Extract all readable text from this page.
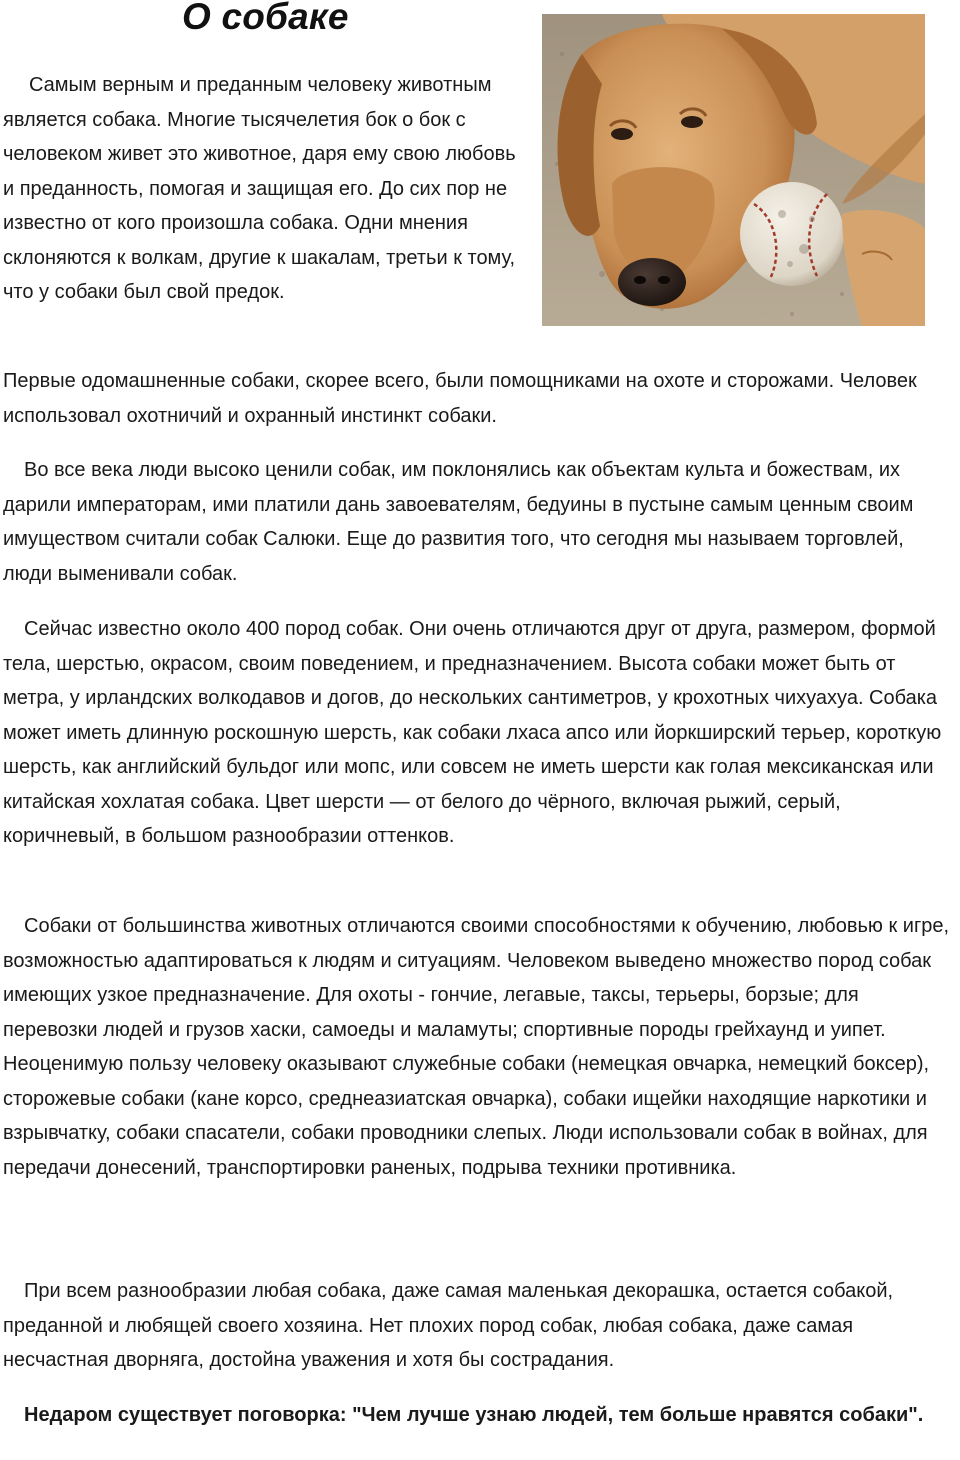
О собаке

Самым верным и преданным человеку животным является собака. Многие тысячелетия бок о бок с человеком живет это животное, даря ему свою любовь и преданность, помогая и защищая его. До сих пор не известно от кого произошла собака. Одни мнения склоняются к волкам, другие к шакалам, третьи к тому, что у собаки был свой предок.

Первые одомашненные собаки, скорее всего, были помощниками на охоте и сторожами. Человек использовал охотничий и охранный инстинкт собаки.

Во все века люди высоко ценили собак, им поклонялись как объектам культа и божествам, их дарили императорам, ими платили дань завоевателям, бедуины в пустыне самым ценным своим имуществом считали собак Салюки. Еще до развития того, что сегодня мы называем торговлей, люди выменивали собак.

Сейчас известно около 400 пород собак. Они очень отличаются друг от друга, размером, формой тела, шерстью, окрасом, своим поведением, и предназначением. Высота собаки может быть от метра, у ирландских волкодавов и догов, до нескольких сантиметров, у крохотных чихуахуа. Собака может иметь длинную роскошную шерсть, как собаки лхаса апсо или йоркширский терьер, короткую шерсть, как английский бульдог или мопс, или совсем не иметь шерсти как голая мексиканская или китайская хохлатая собака. Цвет шерсти — от белого до чёрного, включая рыжий, серый, коричневый, в большом разнообразии оттенков.

Собаки от большинства животных отличаются своими способностями к обучению, любовью к игре, возможностью адаптироваться к людям и ситуациям. Человеком выведено множество пород собак имеющих узкое предназначение. Для охоты - гончие, легавые, таксы, терьеры, борзые; для перевозки людей и грузов хаски, самоеды и маламуты; спортивные породы грейхаунд и уипет. Неоценимую пользу человеку оказывают служебные собаки (немецкая овчарка, немецкий боксер), сторожевые собаки (кане корсо, среднеазиатская овчарка), собаки ищейки находящие наркотики и взрывчатку, собаки спасатели, собаки проводники слепых. Люди использовали собак в войнах, для передачи донесений, транспортировки раненых, подрыва техники противника.

При всем разнообразии любая собака, даже самая маленькая декорашка, остается собакой, преданной и любящей своего хозяина. Нет плохих пород собак, любая собака, даже самая несчастная дворняга, достойна уважения и хотя бы сострадания.

Недаром существует поговорка: "Чем лучше узнаю людей, тем больше нравятся собаки".
